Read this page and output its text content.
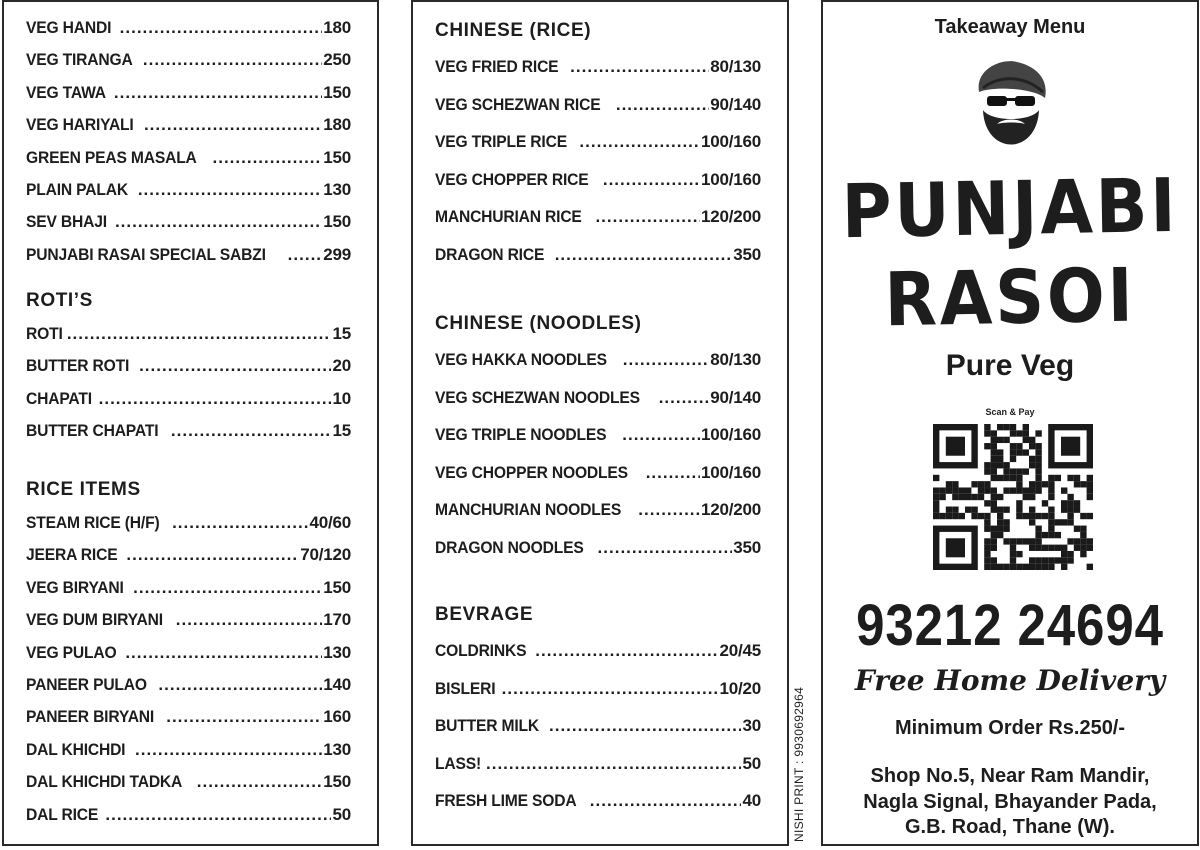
VEG HANDI .....	180
VEG TIRANGA .....	250
VEG TAWA .....	150
VEG HARIYALI .....	180
GREEN PEAS MASALA .....	150
PLAIN PALAK .....	130
SEV BHAJI .....	150
PUNJABI RASAI SPECIAL SABZI .....	299
ROTI’S
ROTI .....	15
BUTTER ROTI .....	20
CHAPATI .....	10
BUTTER CHAPATI .....	15
RICE ITEMS
STEAM RICE (H/F) .....	40/60
JEERA RICE .....	70/120
VEG BIRYANI .....	150
VEG DUM BIRYANI .....	170
VEG PULAO .....	130
PANEER PULAO .....	140
PANEER BIRYANI .....	160
DAL KHICHDI .....	130
DAL KHICHDI TADKA .....	150
DAL RICE .....	50
CHINESE (RICE)
VEG FRIED RICE .....	80/130
VEG SCHEZWAN RICE .....	90/140
VEG TRIPLE RICE .....	100/160
VEG CHOPPER RICE .....	100/160
MANCHURIAN RICE .....	120/200
DRAGON RICE .....	350
CHINESE (NOODLES)
VEG HAKKA NOODLES .....	80/130
VEG SCHEZWAN NOODLES .....	90/140
VEG TRIPLE NOODLES .....	100/160
VEG CHOPPER NOODLES .....	100/160
MANCHURIAN NOODLES .....	120/200
DRAGON NOODLES .....	350
BEVRAGE
COLDRINKS .....	20/45
BISLERI .....	10/20
BUTTER MILK .....	30
LASS! .....	50
FRESH LIME SODA .....	40	NISHI PRINT : 9930692964
Takeaway Menu
PUNJABI
RASOI
Pure Veg
Scan & Pay
93212 24694
Free Home Delivery
Minimum Order Rs.250/-
Shop No.5, Near Ram Mandir,
Nagla Signal, Bhayander Pada,
G.B. Road, Thane (W).
